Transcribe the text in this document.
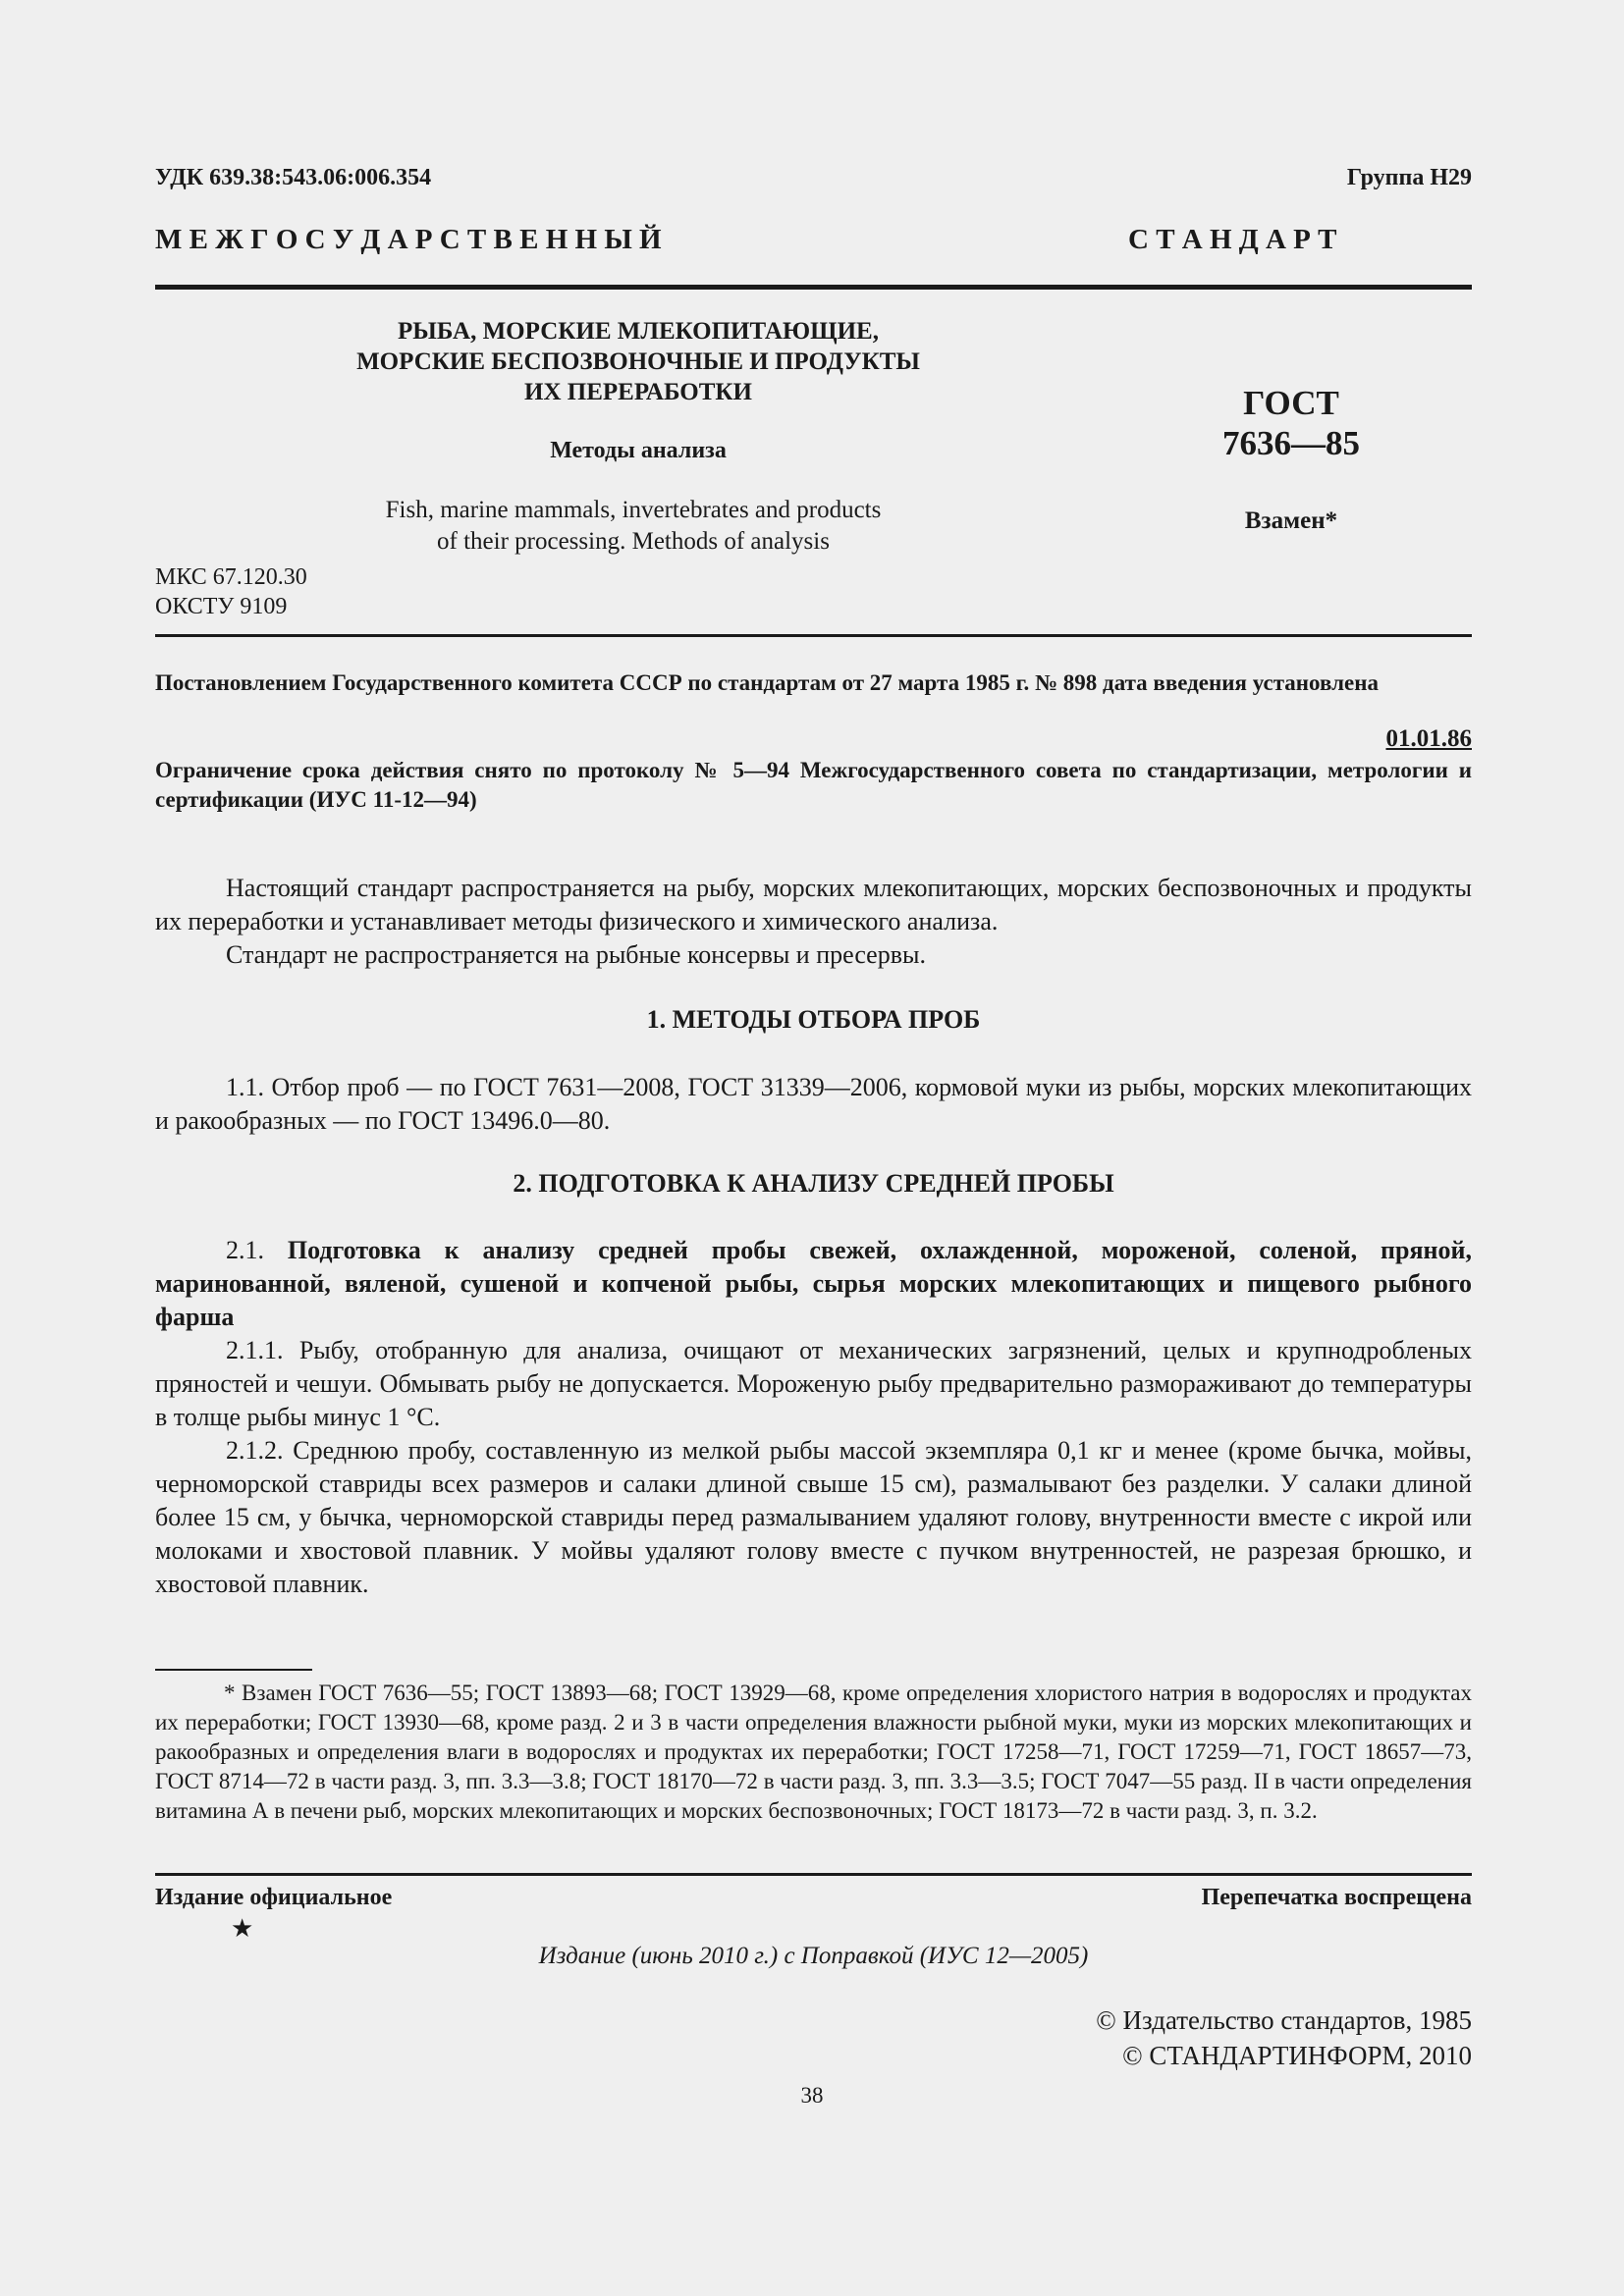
УДК 639.38:543.06:006.354	Группа Н29
М Е Ж Г О С У Д А Р С Т В Е Н Н Ы Й	С Т А Н Д А Р Т
РЫБА, МОРСКИЕ МЛЕКОПИТАЮЩИЕ,
МОРСКИЕ БЕСПОЗВОНОЧНЫЕ И ПРОДУКТЫ
ИХ ПЕРЕРАБОТКИ
Методы анализа
Fish, marine mammals, invertebrates and products
of their processing. Methods of analysis
ГОСТ
7636—85
Взамен*
МКС 67.120.30
ОКСТУ 9109
Постановлением Государственного комитета СССР по стандартам от 27 марта 1985 г. № 898 дата введения установлена
01.01.86
Ограничение срока действия снято по протоколу № 5—94 Межгосударственного совета по стандартизации, метрологии и сертификации (ИУС 11-12—94)

Настоящий стандарт распространяется на рыбу, морских млекопитающих, морских беспозвоночных и продукты их переработки и устанавливает методы физического и химического анализа.

Стандарт не распространяется на рыбные консервы и пресервы.

1. МЕТОДЫ ОТБОРА ПРОБ

1.1. Отбор проб — по ГОСТ 7631—2008, ГОСТ 31339—2006, кормовой муки из рыбы, морских млекопитающих и ракообразных — по ГОСТ 13496.0—80.

2. ПОДГОТОВКА К АНАЛИЗУ СРЕДНЕЙ ПРОБЫ

2.1. Подготовка к анализу средней пробы свежей, охлажденной, мороженой, соленой, пряной, маринованной, вяленой, сушеной и копченой рыбы, сырья морских млекопитающих и пищевого рыбного фарша

2.1.1. Рыбу, отобранную для анализа, очищают от механических загрязнений, целых и крупнодробленых пряностей и чешуи. Обмывать рыбу не допускается. Мороженую рыбу предварительно размораживают до температуры в толще рыбы минус 1 °С.

2.1.2. Среднюю пробу, составленную из мелкой рыбы массой экземпляра 0,1 кг и менее (кроме бычка, мойвы, черноморской ставриды всех размеров и салаки длиной свыше 15 см), размалывают без разделки. У салаки длиной более 15 см, у бычка, черноморской ставриды перед размалыванием удаляют голову, внутренности вместе с икрой или молоками и хвостовой плавник. У мойвы удаляют голову вместе с пучком внутренностей, не разрезая брюшко, и хвостовой плавник.

* Взамен ГОСТ 7636—55; ГОСТ 13893—68; ГОСТ 13929—68, кроме определения хлористого натрия в водорослях и продуктах их переработки; ГОСТ 13930—68, кроме разд. 2 и 3 в части определения влажности рыбной муки, муки из морских млекопитающих и ракообразных и определения влаги в водорослях и продуктах их переработки; ГОСТ 17258—71, ГОСТ 17259—71, ГОСТ 18657—73, ГОСТ 8714—72 в части разд. 3, пп. 3.3—3.8; ГОСТ 18170—72 в части разд. 3, пп. 3.3—3.5; ГОСТ 7047—55 разд. II в части определения витамина А в печени рыб, морских млекопитающих и морских беспозвоночных; ГОСТ 18173—72 в части разд. 3, п. 3.2.

Издание официальное	Перепечатка воспрещена
★
Издание (июнь 2010 г.) с Поправкой (ИУС 12—2005)
© Издательство стандартов, 1985
© СТАНДАРТИНФОРМ, 2010
38
